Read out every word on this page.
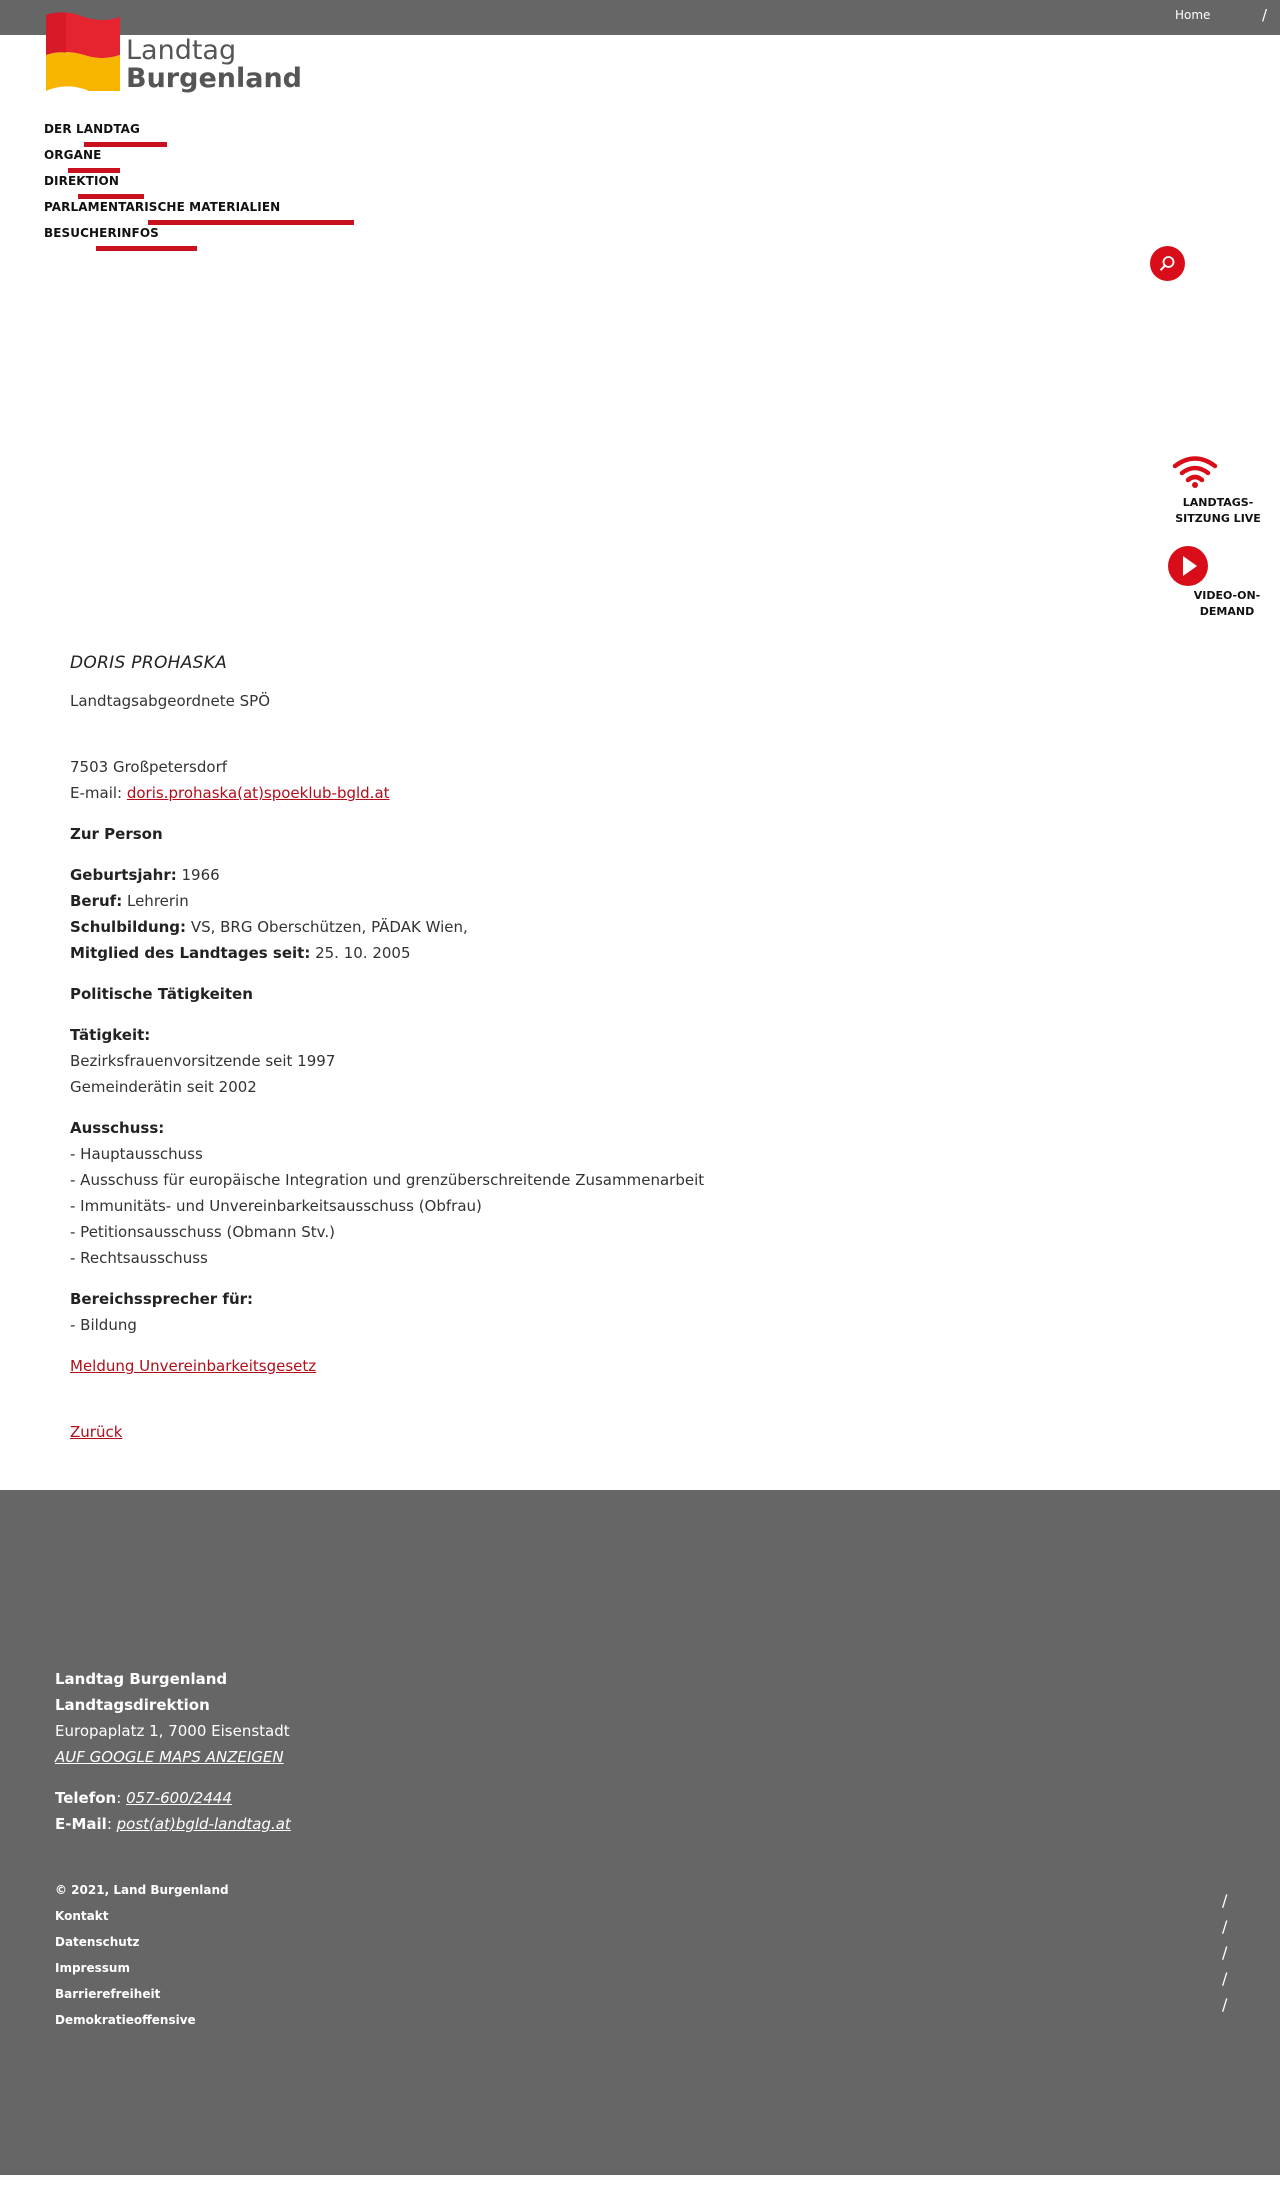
Home	/
Landtag
Burgenland
DER LANDTAG
ORGANE
DIREKTION
PARLAMENTARISCHE MATERIALIEN
BESUCHERINFOS
LANDTAGS-
SITZUNG LIVE
VIDEO-ON-
DEMAND

DORIS PROHASKA

Landtagsabgeordnete SPÖ

7503 Großpetersdorf

E-mail: doris.prohaska(at)spoeklub-bgld.at

Zur Person

Geburtsjahr: 1966

Beruf: Lehrerin

Schulbildung: VS, BRG Oberschützen, PÄDAK Wien,

Mitglied des Landtages seit: 25. 10. 2005

Politische Tätigkeiten

Tätigkeit:

Bezirksfrauenvorsitzende seit 1997

Gemeinderätin seit 2002

Ausschuss:

- Hauptausschuss

- Ausschuss für europäische Integration und grenzüberschreitende Zusammenarbeit

- Immunitäts- und Unvereinbarkeitsausschuss (Obfrau)

- Petitionsausschuss (Obmann Stv.)

- Rechtsausschuss

Bereichssprecher für:

- Bildung

Meldung Unvereinbarkeitsgesetz

Zurück

Landtag Burgenland
Landtagsdirektion
Europaplatz 1, 7000 Eisenstadt
AUF GOOGLE MAPS ANZEIGEN
Telefon: 057-600/2444
E-Mail: post(at)bgld-landtag.at
© 2021, Land Burgenland
Kontakt
Datenschutz
Impressum
Barrierefreiheit
Demokratieoffensive
/
/
/
/
/
